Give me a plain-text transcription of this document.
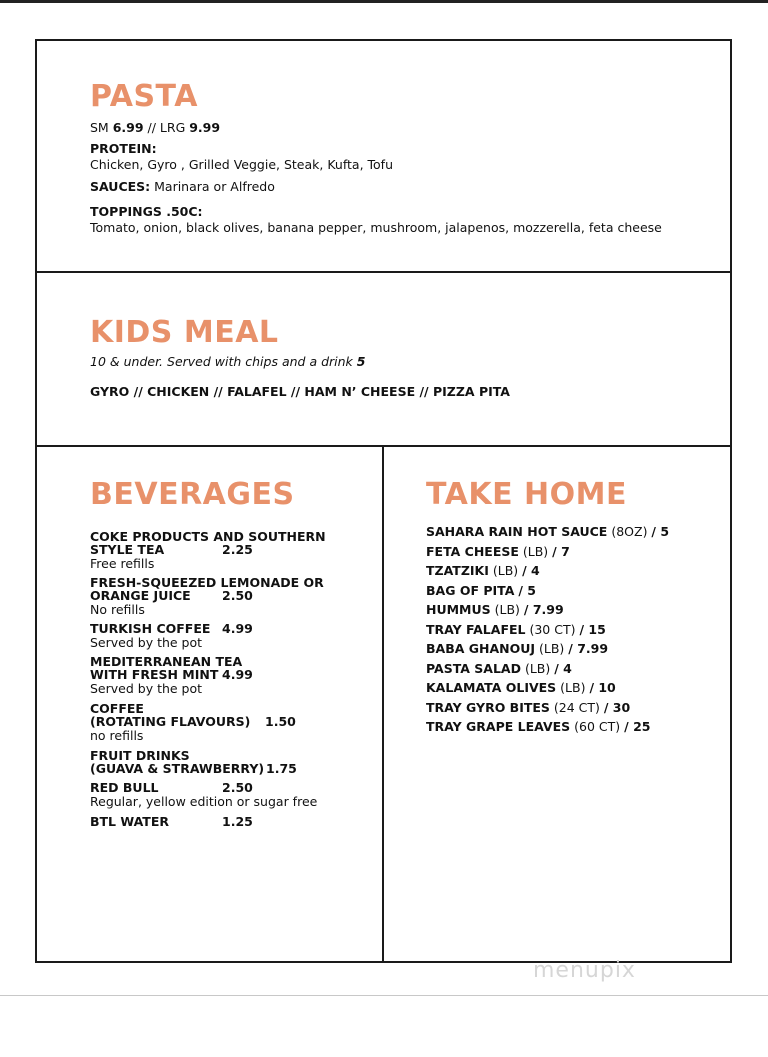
PASTA
SM 6.99 // LRG 9.99
PROTEIN:
Chicken, Gyro , Grilled Veggie, Steak, Kufta, Tofu
SAUCES: Marinara or Alfredo
TOPPINGS .50C:
Tomato, onion, black olives, banana pepper, mushroom, jalapenos, mozzerella, feta cheese
KIDS MEAL
10 & under. Served with chips and a drink 5
GYRO // CHICKEN // FALAFEL // HAM N’ CHEESE // PIZZA PITA
BEVERAGES
COKE PRODUCTS AND SOUTHERN
STYLE TEA	2.25
Free refills
FRESH-SQUEEZED LEMONADE OR
ORANGE JUICE	2.50
No refills
TURKISH COFFEE 4.99
Served by the pot
MEDITERRANEAN TEA
WITH FRESH MINT 4.99
Served by the pot
COFFEE
(ROTATING FLAVOURS) 1.50
no refills
FRUIT DRINKS
(GUAVA & STRAWBERRY) 1.75
RED BULL	2.50
Regular, yellow edition or sugar free
BTL WATER	1.25
TAKE HOME
SAHARA RAIN HOT SAUCE (8OZ) / 5
FETA CHEESE (LB) / 7
TZATZIKI (LB) / 4
BAG OF PITA / 5
HUMMUS (LB) / 7.99
TRAY FALAFEL (30 CT) / 15
BABA GHANOUJ (LB) / 7.99
PASTA SALAD (LB) / 4
KALAMATA OLIVES (LB) / 10
TRAY GYRO BITES (24 CT) / 30
TRAY GRAPE LEAVES (60 CT) / 25
menupix
